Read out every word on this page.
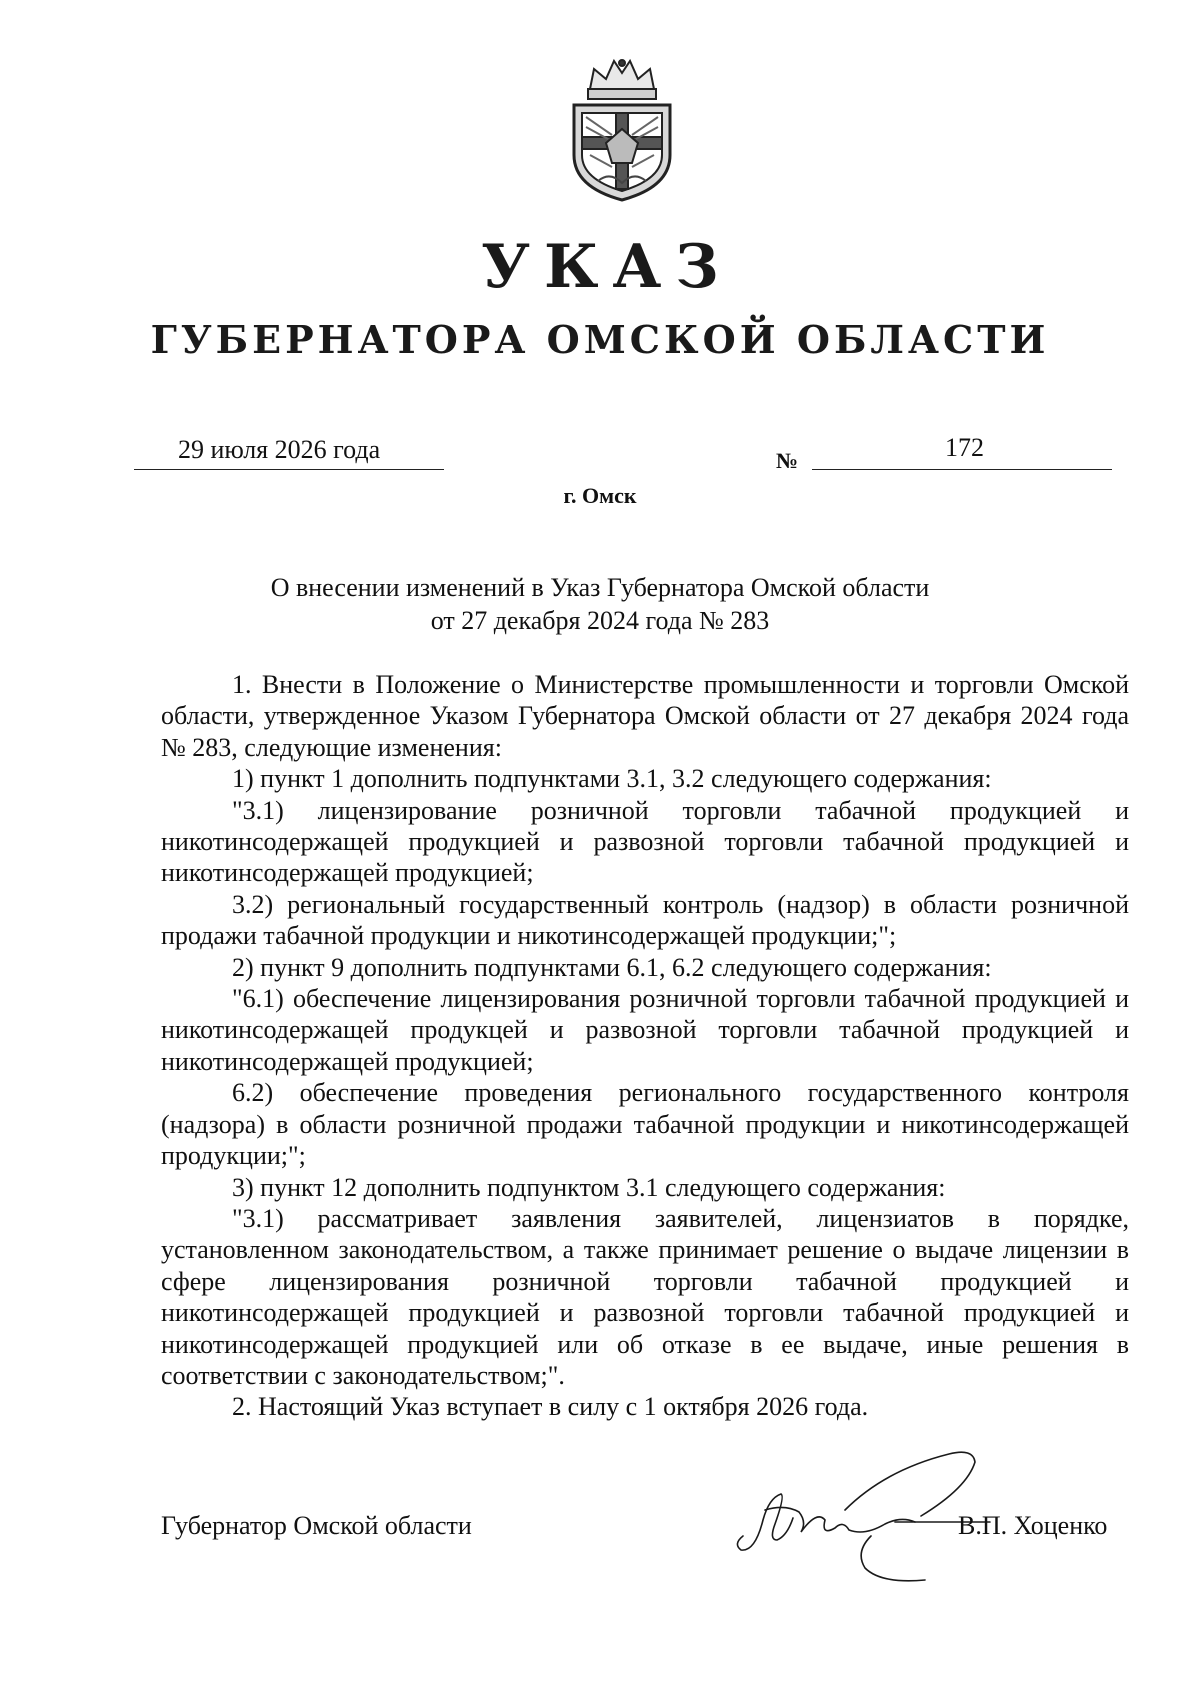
УКАЗ
ГУБЕРНАТОРА ОМСКОЙ ОБЛАСТИ
29 июля 2026 года	№	172
г. Омск
О внесении изменений в Указ Губернатора Омской области
от 27 декабря 2024 года № 283

1. Внести в Положение о Министерстве промышленности и торговли Омской области, утвержденное Указом Губернатора Омской области от 27 декабря 2024 года № 283, следующие изменения:

1) пункт 1 дополнить подпунктами 3.1, 3.2 следующего содержания:

"3.1) лицензирование розничной торговли табачной продукцией и никотинсодержащей продукцией и развозной торговли табачной продукцией и никотинсодержащей продукцией;

3.2) региональный государственный контроль (надзор) в области розничной продажи табачной продукции и никотинсодержащей продукции;";

2) пункт 9 дополнить подпунктами 6.1, 6.2 следующего содержания:

"6.1) обеспечение лицензирования розничной торговли табачной продукцией и никотинсодержащей продукцей и развозной торговли табачной продукцией и никотинсодержащей продукцией;

6.2) обеспечение проведения регионального государственного контроля (надзора) в области розничной продажи табачной продукции и никотинсодержащей продукции;";

3) пункт 12 дополнить подпунктом 3.1 следующего содержания:

"3.1) рассматривает заявления заявителей, лицензиатов в порядке, установленном законодательством, а также принимает решение о выдаче лицензии в сфере лицензирования розничной торговли табачной продукцией и никотинсодержащей продукцией и развозной торговли табачной продукцией и никотинсодержащей продукцией или об отказе в ее выдаче, иные решения в соответствии с законодательством;".

2. Настоящий Указ вступает в силу с 1 октября 2026 года.

Губернатор Омской области	В.П. Хоценко
